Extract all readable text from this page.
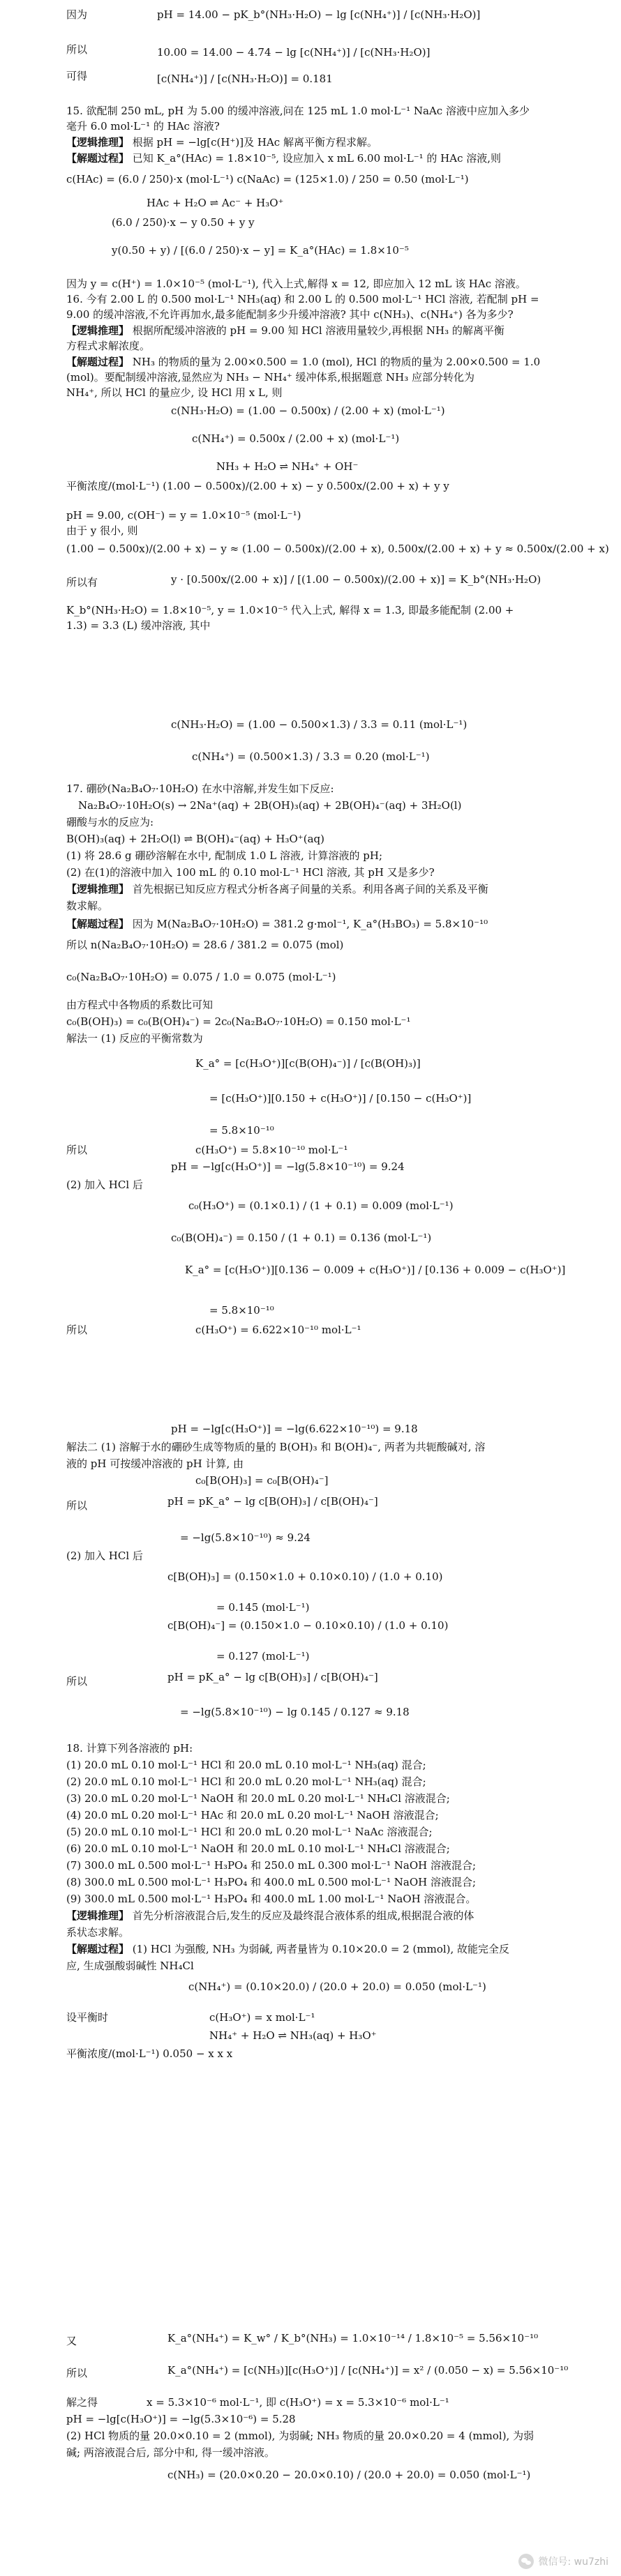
因为	pH = 14.00 − pK_b°(NH₃·H₂O) − lg [c(NH₄⁺)] / [c(NH₃·H₂O)]
10.00 = 14.00 − 4.74 − lg [c(NH₄⁺)] / [c(NH₃·H₂O)]
所以
可得	[c(NH₄⁺)] / [c(NH₃·H₂O)] = 0.181
15. 欲配制 250 mL, pH 为 5.00 的缓冲溶液,问在 125 mL 1.0 mol·L⁻¹ NaAc 溶液中应加入多少
毫升 6.0 mol·L⁻¹ 的 HAc 溶液?
【逻辑推理】 根据 pH = −lg[c(H⁺)]及 HAc 解离平衡方程求解。
【解题过程】 已知 K_a°(HAc) = 1.8×10⁻⁵, 设应加入 x mL 6.00 mol·L⁻¹ 的 HAc 溶液,则
c(HAc) = (6.0 / 250)·x (mol·L⁻¹) c(NaAc) = (125×1.0) / 250 = 0.50 (mol·L⁻¹)
HAc + H₂O ⇌ Ac⁻ + H₃O⁺
(6.0 / 250)·x − y 0.50 + y y
y(0.50 + y) / [(6.0 / 250)·x − y] = K_a°(HAc) = 1.8×10⁻⁵
因为 y = c(H⁺) = 1.0×10⁻⁵ (mol·L⁻¹), 代入上式,解得 x = 12, 即应加入 12 mL 该 HAc 溶液。
16. 今有 2.00 L 的 0.500 mol·L⁻¹ NH₃(aq) 和 2.00 L 的 0.500 mol·L⁻¹ HCl 溶液, 若配制 pH =
9.00 的缓冲溶液,不允许再加水,最多能配制多少升缓冲溶液? 其中 c(NH₃)、c(NH₄⁺) 各为多少?
【逻辑推理】 根据所配缓冲溶液的 pH = 9.00 知 HCl 溶液用量较少,再根据 NH₃ 的解离平衡
方程式求解浓度。
【解题过程】 NH₃ 的物质的量为 2.00×0.500 = 1.0 (mol), HCl 的物质的量为 2.00×0.500 = 1.0
(mol)。要配制缓冲溶液,显然应为 NH₃ − NH₄⁺ 缓冲体系,根据题意 NH₃ 应部分转化为
NH₄⁺, 所以 HCl 的量应少, 设 HCl 用 x L, 则
c(NH₃·H₂O) = (1.00 − 0.500x) / (2.00 + x) (mol·L⁻¹)
c(NH₄⁺) = 0.500x / (2.00 + x) (mol·L⁻¹)
NH₃ + H₂O ⇌ NH₄⁺ + OH⁻
平衡浓度/(mol·L⁻¹) (1.00 − 0.500x)/(2.00 + x) − y 0.500x/(2.00 + x) + y y
pH = 9.00, c(OH⁻) = y = 1.0×10⁻⁵ (mol·L⁻¹)
由于 y 很小, 则
(1.00 − 0.500x)/(2.00 + x) − y ≈ (1.00 − 0.500x)/(2.00 + x), 0.500x/(2.00 + x) + y ≈ 0.500x/(2.00 + x)
所以有	y · [0.500x/(2.00 + x)] / [(1.00 − 0.500x)/(2.00 + x)] = K_b°(NH₃·H₂O)
K_b°(NH₃·H₂O) = 1.8×10⁻⁵, y = 1.0×10⁻⁵ 代入上式, 解得 x = 1.3, 即最多能配制 (2.00 +
1.3) = 3.3 (L) 缓冲溶液, 其中
c(NH₃·H₂O) = (1.00 − 0.500×1.3) / 3.3 = 0.11 (mol·L⁻¹)
c(NH₄⁺) = (0.500×1.3) / 3.3 = 0.20 (mol·L⁻¹)
17. 硼砂(Na₂B₄O₇·10H₂O) 在水中溶解,并发生如下反应:
Na₂B₄O₇·10H₂O(s) → 2Na⁺(aq) + 2B(OH)₃(aq) + 2B(OH)₄⁻(aq) + 3H₂O(l)
硼酸与水的反应为:
B(OH)₃(aq) + 2H₂O(l) ⇌ B(OH)₄⁻(aq) + H₃O⁺(aq)
(1) 将 28.6 g 硼砂溶解在水中, 配制成 1.0 L 溶液, 计算溶液的 pH;
(2) 在(1)的溶液中加入 100 mL 的 0.10 mol·L⁻¹ HCl 溶液, 其 pH 又是多少?
【逻辑推理】 首先根据已知反应方程式分析各离子间量的关系。利用各离子间的关系及平衡
数求解。
【解题过程】 因为 M(Na₂B₄O₇·10H₂O) = 381.2 g·mol⁻¹, K_a°(H₃BO₃) = 5.8×10⁻¹⁰
所以 n(Na₂B₄O₇·10H₂O) = 28.6 / 381.2 = 0.075 (mol)
c₀(Na₂B₄O₇·10H₂O) = 0.075 / 1.0 = 0.075 (mol·L⁻¹)
由方程式中各物质的系数比可知
c₀(B(OH)₃) = c₀(B(OH)₄⁻) = 2c₀(Na₂B₄O₇·10H₂O) = 0.150 mol·L⁻¹
解法一 (1) 反应的平衡常数为
K_a° = [c(H₃O⁺)][c(B(OH)₄⁻)] / [c(B(OH)₃)]
= [c(H₃O⁺)][0.150 + c(H₃O⁺)] / [0.150 − c(H₃O⁺)]
= 5.8×10⁻¹⁰
所以	c(H₃O⁺) = 5.8×10⁻¹⁰ mol·L⁻¹
pH = −lg[c(H₃O⁺)] = −lg(5.8×10⁻¹⁰) = 9.24
(2) 加入 HCl 后
c₀(H₃O⁺) = (0.1×0.1) / (1 + 0.1) = 0.009 (mol·L⁻¹)
c₀(B(OH)₄⁻) = 0.150 / (1 + 0.1) = 0.136 (mol·L⁻¹)
K_a° = [c(H₃O⁺)][0.136 − 0.009 + c(H₃O⁺)] / [0.136 + 0.009 − c(H₃O⁺)]
= 5.8×10⁻¹⁰
所以	c(H₃O⁺) = 6.622×10⁻¹⁰ mol·L⁻¹
pH = −lg[c(H₃O⁺)] = −lg(6.622×10⁻¹⁰) = 9.18
解法二 (1) 溶解于水的硼砂生成等物质的量的 B(OH)₃ 和 B(OH)₄⁻, 两者为共轭酸碱对, 溶
液的 pH 可按缓冲溶液的 pH 计算, 由
c₀[B(OH)₃] = c₀[B(OH)₄⁻]
所以	pH = pK_a° − lg c[B(OH)₃] / c[B(OH)₄⁻]
= −lg(5.8×10⁻¹⁰) ≈ 9.24
(2) 加入 HCl 后
c[B(OH)₃] = (0.150×1.0 + 0.10×0.10) / (1.0 + 0.10)
= 0.145 (mol·L⁻¹)
c[B(OH)₄⁻] = (0.150×1.0 − 0.10×0.10) / (1.0 + 0.10)
= 0.127 (mol·L⁻¹)
所以	pH = pK_a° − lg c[B(OH)₃] / c[B(OH)₄⁻]
= −lg(5.8×10⁻¹⁰) − lg 0.145 / 0.127 ≈ 9.18
18. 计算下列各溶液的 pH:
(1) 20.0 mL 0.10 mol·L⁻¹ HCl 和 20.0 mL 0.10 mol·L⁻¹ NH₃(aq) 混合;
(2) 20.0 mL 0.10 mol·L⁻¹ HCl 和 20.0 mL 0.20 mol·L⁻¹ NH₃(aq) 混合;
(3) 20.0 mL 0.20 mol·L⁻¹ NaOH 和 20.0 mL 0.20 mol·L⁻¹ NH₄Cl 溶液混合;
(4) 20.0 mL 0.20 mol·L⁻¹ HAc 和 20.0 mL 0.20 mol·L⁻¹ NaOH 溶液混合;
(5) 20.0 mL 0.10 mol·L⁻¹ HCl 和 20.0 mL 0.20 mol·L⁻¹ NaAc 溶液混合;
(6) 20.0 mL 0.10 mol·L⁻¹ NaOH 和 20.0 mL 0.10 mol·L⁻¹ NH₄Cl 溶液混合;
(7) 300.0 mL 0.500 mol·L⁻¹ H₃PO₄ 和 250.0 mL 0.300 mol·L⁻¹ NaOH 溶液混合;
(8) 300.0 mL 0.500 mol·L⁻¹ H₃PO₄ 和 400.0 mL 0.500 mol·L⁻¹ NaOH 溶液混合;
(9) 300.0 mL 0.500 mol·L⁻¹ H₃PO₄ 和 400.0 mL 1.00 mol·L⁻¹ NaOH 溶液混合。
【逻辑推理】 首先分析溶液混合后,发生的反应及最终混合液体系的组成,根据混合液的体
系状态求解。
【解题过程】 (1) HCl 为强酸, NH₃ 为弱碱, 两者量皆为 0.10×20.0 = 2 (mmol), 故能完全反
应, 生成强酸弱碱性 NH₄Cl
c(NH₄⁺) = (0.10×20.0) / (20.0 + 20.0) = 0.050 (mol·L⁻¹)
设平衡时	c(H₃O⁺) = x mol·L⁻¹
NH₄⁺ + H₂O ⇌ NH₃(aq) + H₃O⁺
平衡浓度/(mol·L⁻¹) 0.050 − x x x
又	K_a°(NH₄⁺) = K_w° / K_b°(NH₃) = 1.0×10⁻¹⁴ / 1.8×10⁻⁵ = 5.56×10⁻¹⁰
所以	K_a°(NH₄⁺) = [c(NH₃)][c(H₃O⁺)] / [c(NH₄⁺)] = x² / (0.050 − x) = 5.56×10⁻¹⁰
解之得	x = 5.3×10⁻⁶ mol·L⁻¹, 即 c(H₃O⁺) = x = 5.3×10⁻⁶ mol·L⁻¹
pH = −lg[c(H₃O⁺)] = −lg(5.3×10⁻⁶) = 5.28
(2) HCl 物质的量 20.0×0.10 = 2 (mmol), 为弱碱; NH₃ 物质的量 20.0×0.20 = 4 (mmol), 为弱
碱; 两溶液混合后, 部分中和, 得一缓冲溶液。
c(NH₃) = (20.0×0.20 − 20.0×0.10) / (20.0 + 20.0) = 0.050 (mol·L⁻¹)
微信号: wu7zhi
